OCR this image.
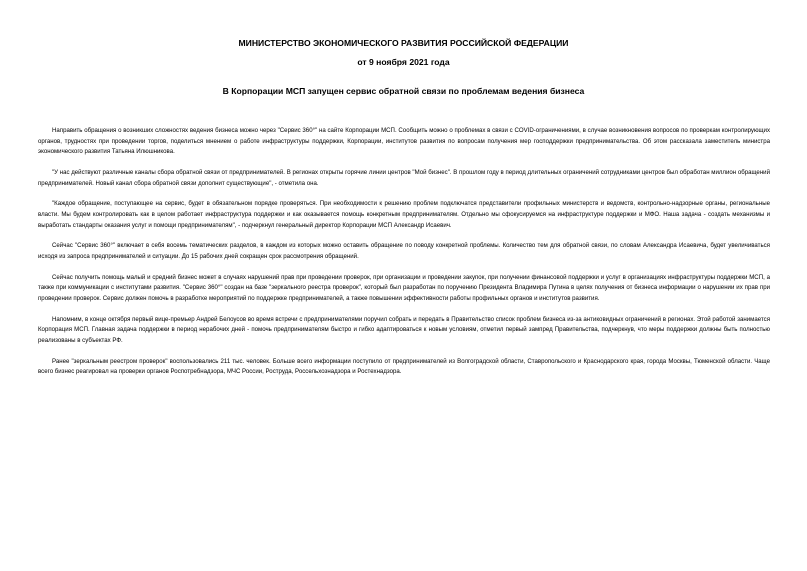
МИНИСТЕРСТВО ЭКОНОМИЧЕСКОГО РАЗВИТИЯ РОССИЙСКОЙ ФЕДЕРАЦИИ
от 9 ноября 2021 года
В Корпорации МСП запущен сервис обратной связи по проблемам ведения бизнеса

Направить обращения о возникших сложностях ведения бизнеса можно через "Сервис 360°" на сайте Корпорации МСП. Сообщить можно о проблемах в связи с COVID-ограничениями, в случае возникновения вопросов по проверкам контролирующих органов, трудностях при проведении торгов, поделиться мнением о работе инфраструктуры поддержки, Корпорации, институтов развития по вопросам получения мер господдержки предпринимательства. Об этом рассказала заместитель министра экономического развития Татьяна Илюшникова.

"У нас действуют различные каналы сбора обратной связи от предпринимателей. В регионах открыты горячие линии центров "Мой бизнес". В прошлом году в период длительных ограничений сотрудниками центров был обработан миллион обращений предпринимателей. Новый канал сбора обратной связи дополнит существующие", - отметила она.

"Каждое обращение, поступающее на сервис, будет в обязательном порядке проверяться. При необходимости к решению проблем подключатся представители профильных министерств и ведомств, контрольно-надзорные органы, региональные власти. Мы будем контролировать как в целом работает инфраструктура поддержки и как оказывается помощь конкретным предпринимателям. Отдельно мы сфокусируемся на инфраструктуре поддержки и МФО. Наша задача - создать механизмы и выработать стандарты оказания услуг и помощи предпринимателям", - подчеркнул генеральный директор Корпорации МСП Александр Исаевич.

Сейчас "Сервис 360°" включает в себя восемь тематических разделов, в каждом из которых можно оставить обращение по поводу конкретной проблемы. Количество тем для обратной связи, по словам Александра Исаевича, будет увеличиваться исходя из запроса предпринимателей и ситуации. До 15 рабочих дней сокращен срок рассмотрения обращений.

Сейчас получить помощь малый и средний бизнес может в случаях нарушений прав при проведении проверок, при организации и проведении закупок, при получении финансовой поддержки и услуг в организациях инфраструктуры поддержки МСП, а также при коммуникации с институтами развития. "Сервис 360°" создан на базе "зеркального реестра проверок", который был разработан по поручению Президента Владимира Путина в целях получения от бизнеса информации о нарушении их прав при проведении проверок. Сервис должен помочь в разработке мероприятий по поддержке предпринимателей, а также повышении эффективности работы профильных органов и институтов развития.

Напомним, в конце октября первый вице-премьер Андрей Белоусов во время встречи с предпринимателями поручил собрать и передать в Правительство список проблем бизнеса из-за антиковидных ограничений в регионах. Этой работой занимается Корпорация МСП. Главная задача поддержки в период нерабочих дней - помочь предпринимателям быстро и гибко адаптироваться к новым условиям, отметил первый зампред Правительства, подчеркнув, что меры поддержки должны быть полностью реализованы в субъектах РФ.

Ранее "зеркальным реестром проверок" воспользовались 211 тыс. человек. Больше всего информации поступило от предпринимателей из Волгоградской области, Ставропольского и Краснодарского края, города Москвы, Тюменской области. Чаще всего бизнес реагировал на проверки органов Роспотребнадзора, МЧС России, Рострудa, Россельхознадзора и Ростехнадзора.
